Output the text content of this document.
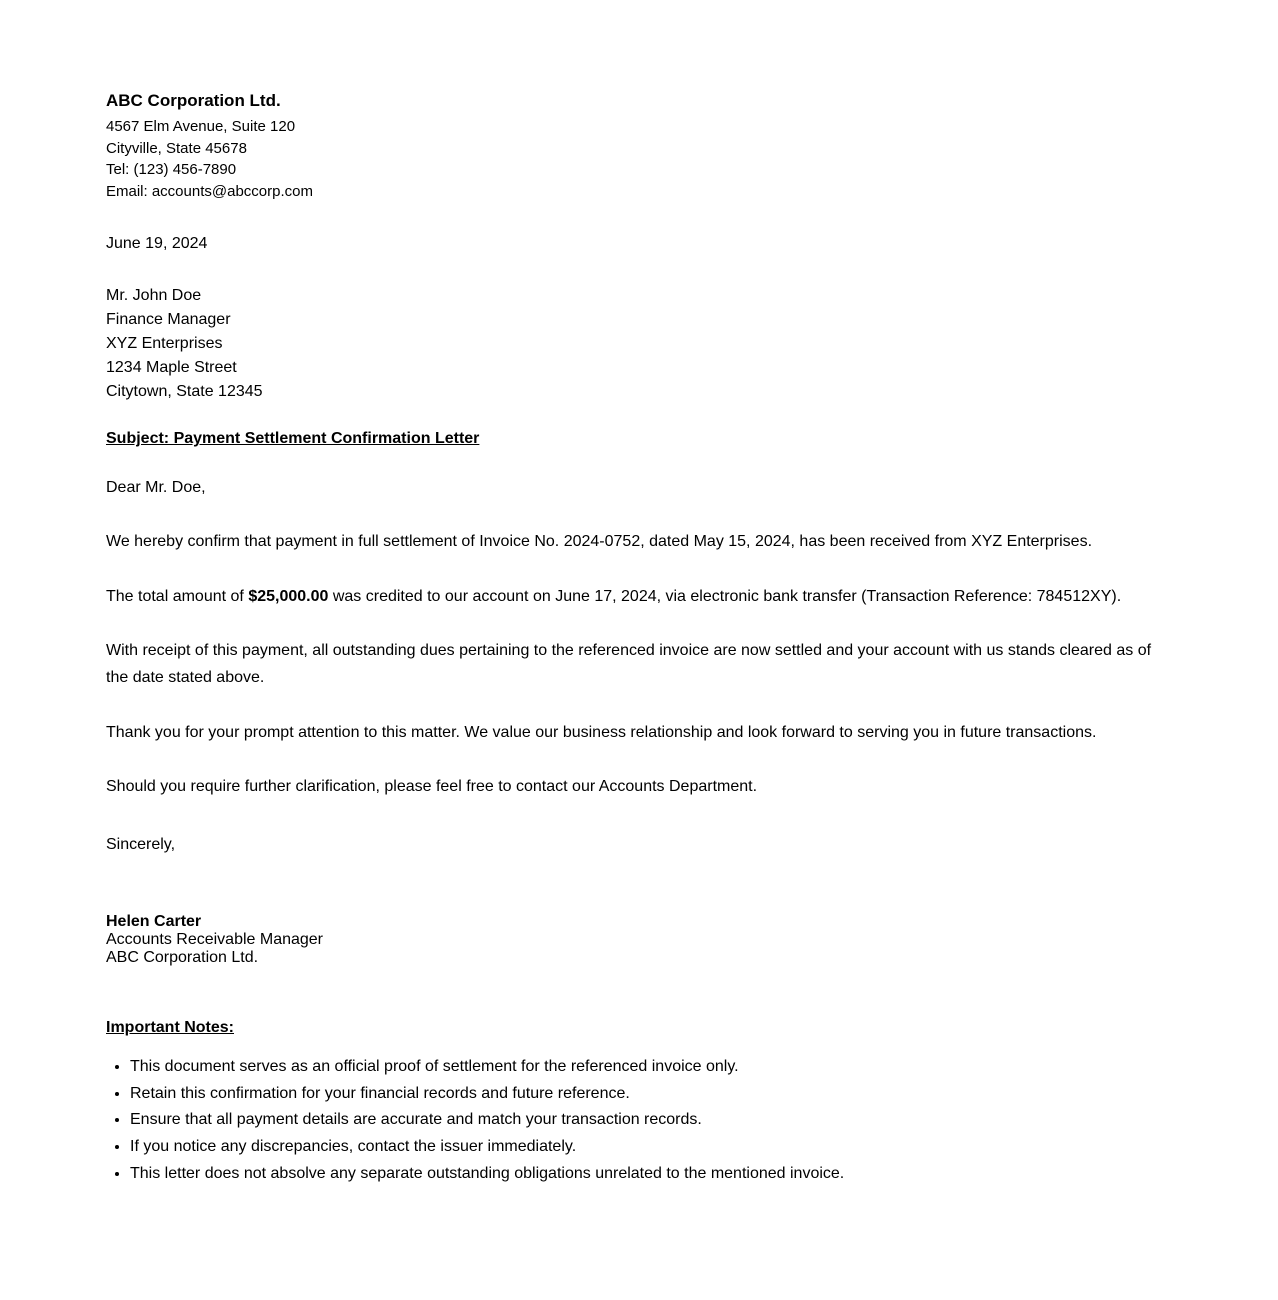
ABC Corporation Ltd.
4567 Elm Avenue, Suite 120
Cityville, State 45678
Tel: (123) 456-7890
Email: accounts@abccorp.com
June 19, 2024
Mr. John Doe
Finance Manager
XYZ Enterprises
1234 Maple Street
Citytown, State 12345
Subject: Payment Settlement Confirmation Letter
Dear Mr. Doe,
We hereby confirm that payment in full settlement of Invoice No. 2024-0752, dated May 15, 2024, has been received from XYZ Enterprises.
The total amount of $25,000.00 was credited to our account on June 17, 2024, via electronic bank transfer (Transaction Reference: 784512XY).
With receipt of this payment, all outstanding dues pertaining to the referenced invoice are now settled and your account with us stands cleared as of the date stated above.
Thank you for your prompt attention to this matter. We value our business relationship and look forward to serving you in future transactions.
Should you require further clarification, please feel free to contact our Accounts Department.
Sincerely,
Helen Carter
Accounts Receivable Manager
ABC Corporation Ltd.
Important Notes:
• This document serves as an official proof of settlement for the referenced invoice only.
• Retain this confirmation for your financial records and future reference.
• Ensure that all payment details are accurate and match your transaction records.
• If you notice any discrepancies, contact the issuer immediately.
• This letter does not absolve any separate outstanding obligations unrelated to the mentioned invoice.
